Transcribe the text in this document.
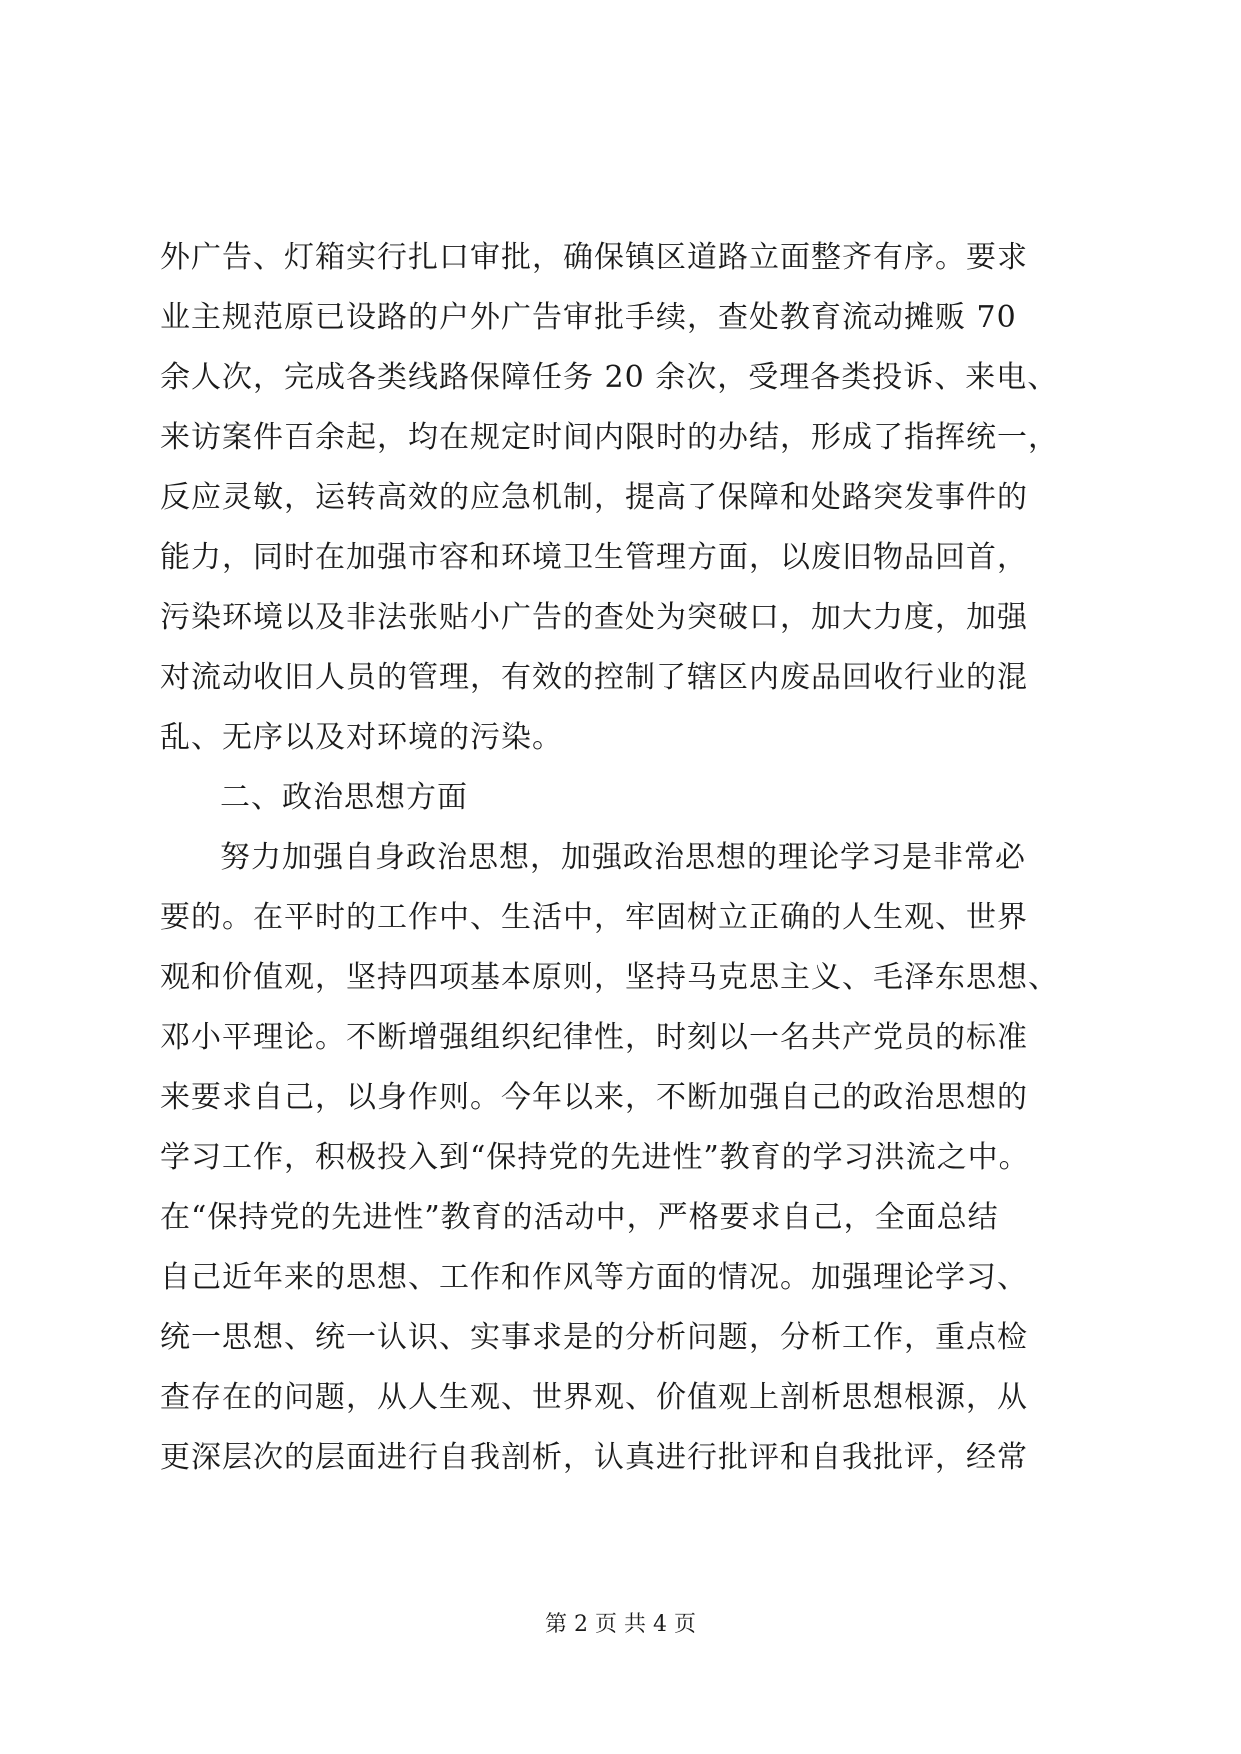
外广告、灯箱实行扎口审批，确保镇区道路立面整齐有序。要求
业主规范原已设路的户外广告审批手续，查处教育流动摊贩 70
余人次，完成各类线路保障任务 20 余次，受理各类投诉、来电、
来访案件百余起，均在规定时间内限时的办结，形成了指挥统一，
反应灵敏，运转高效的应急机制，提高了保障和处路突发事件的
能力，同时在加强市容和环境卫生管理方面，以废旧物品回首，
污染环境以及非法张贴小广告的查处为突破口，加大力度，加强
对流动收旧人员的管理，有效的控制了辖区内废品回收行业的混
乱、无序以及对环境的污染。
二、政治思想方面
努力加强自身政治思想，加强政治思想的理论学习是非常必
要的。在平时的工作中、生活中，牢固树立正确的人生观、世界
观和价值观，坚持四项基本原则，坚持马克思主义、毛泽东思想、
邓小平理论。不断增强组织纪律性，时刻以一名共产党员的标准
来要求自己，以身作则。今年以来，不断加强自己的政治思想的
学习工作，积极投入到“保持党的先进性”教育的学习洪流之中。
在“保持党的先进性”教育的活动中，严格要求自己，全面总结
自己近年来的思想、工作和作风等方面的情况。加强理论学习、
统一思想、统一认识、实事求是的分析问题，分析工作，重点检
查存在的问题，从人生观、世界观、价值观上剖析思想根源，从
更深层次的层面进行自我剖析，认真进行批评和自我批评，经常
第 2 页 共 4 页
